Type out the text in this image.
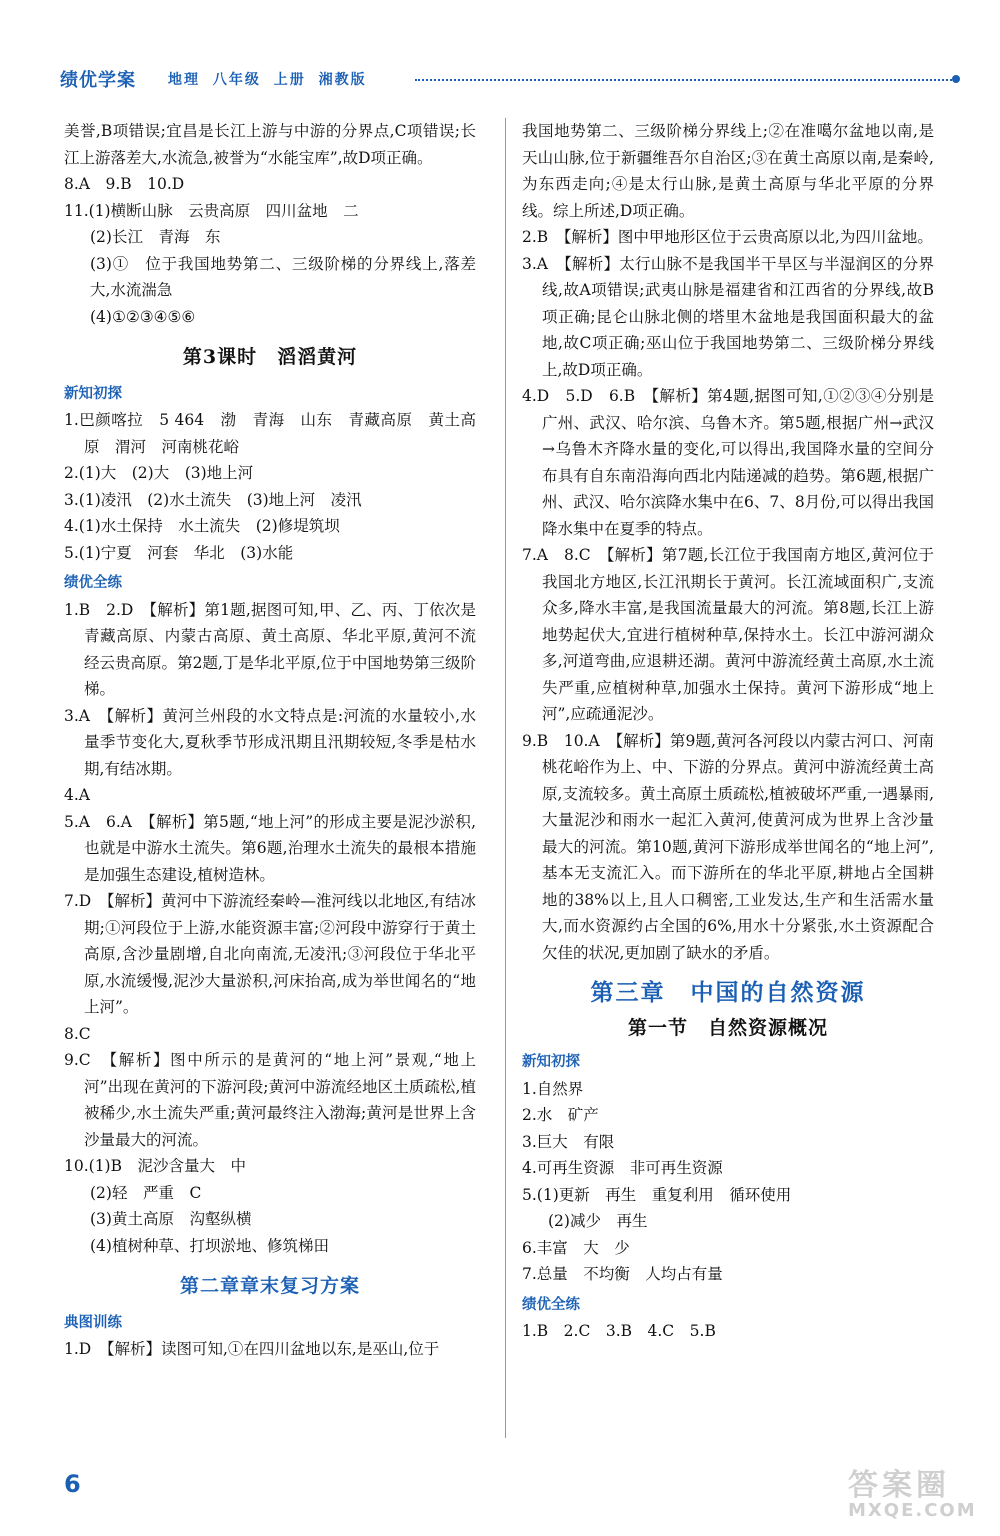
绩优学案 地理 八年级 上册 湘教版

美誉,B项错误;宜昌是长江上游与中游的分界点,C项错误;长江上游落差大,水流急,被誉为“水能宝库”,故D项正确。

8.A　9.B　10.D

11.(1)横断山脉　云贵高原　四川盆地　二

(2)长江　青海　东

(3)①　位于我国地势第二、三级阶梯的分界线上,落差大,水流湍急

(4)①②③④⑤⑥

第3课时　滔滔黄河
新知初探

1.巴颜喀拉　5 464　渤　青海　山东　青藏高原　黄土高原　渭河　河南桃花峪

2.(1)大　(2)大　(3)地上河

3.(1)凌汛　(2)水土流失　(3)地上河　凌汛

4.(1)水土保持　水土流失　(2)修堤筑坝

5.(1)宁夏　河套　华北　(3)水能

绩优全练

1.B　2.D　【解析】第1题,据图可知,甲、乙、丙、丁依次是青藏高原、内蒙古高原、黄土高原、华北平原,黄河不流经云贵高原。第2题,丁是华北平原,位于中国地势第三级阶梯。

3.A　【解析】黄河兰州段的水文特点是:河流的水量较小,水量季节变化大,夏秋季节形成汛期且汛期较短,冬季是枯水期,有结冰期。

4.A

5.A　6.A　【解析】第5题,“地上河”的形成主要是泥沙淤积,也就是中游水土流失。第6题,治理水土流失的最根本措施是加强生态建设,植树造林。

7.D　【解析】黄河中下游流经秦岭—淮河线以北地区,有结冰期;①河段位于上游,水能资源丰富;②河段中游穿行于黄土高原,含沙量剧增,自北向南流,无凌汛;③河段位于华北平原,水流缓慢,泥沙大量淤积,河床抬高,成为举世闻名的“地上河”。

8.C

9.C　【解析】图中所示的是黄河的“地上河”景观,“地上河”出现在黄河的下游河段;黄河中游流经地区土质疏松,植被稀少,水土流失严重;黄河最终注入渤海;黄河是世界上含沙量最大的河流。

10.(1)B　泥沙含量大　中

(2)轻　严重　C

(3)黄土高原　沟壑纵横

(4)植树种草、打坝淤地、修筑梯田

第二章章末复习方案
典图训练

1.D　【解析】读图可知,①在四川盆地以东,是巫山,位于

我国地势第二、三级阶梯分界线上;②在准噶尔盆地以南,是天山山脉,位于新疆维吾尔自治区;③在黄土高原以南,是秦岭,为东西走向;④是太行山脉,是黄土高原与华北平原的分界线。综上所述,D项正确。

2.B　【解析】图中甲地形区位于云贵高原以北,为四川盆地。

3.A　【解析】太行山脉不是我国半干旱区与半湿润区的分界线,故A项错误;武夷山脉是福建省和江西省的分界线,故B项正确;昆仑山脉北侧的塔里木盆地是我国面积最大的盆地,故C项正确;巫山位于我国地势第二、三级阶梯分界线上,故D项正确。

4.D　5.D　6.B　【解析】第4题,据图可知,①②③④分别是广州、武汉、哈尔滨、乌鲁木齐。第5题,根据广州→武汉→乌鲁木齐降水量的变化,可以得出,我国降水量的空间分布具有自东南沿海向西北内陆递减的趋势。第6题,根据广州、武汉、哈尔滨降水集中在6、7、8月份,可以得出我国降水集中在夏季的特点。

7.A　8.C　【解析】第7题,长江位于我国南方地区,黄河位于我国北方地区,长江汛期长于黄河。长江流域面积广,支流众多,降水丰富,是我国流量最大的河流。第8题,长江上游地势起伏大,宜进行植树种草,保持水土。长江中游河湖众多,河道弯曲,应退耕还湖。黄河中游流经黄土高原,水土流失严重,应植树种草,加强水土保持。黄河下游形成“地上河”,应疏通泥沙。

9.B　10.A　【解析】第9题,黄河各河段以内蒙古河口、河南桃花峪作为上、中、下游的分界点。黄河中游流经黄土高原,支流较多。黄土高原土质疏松,植被破坏严重,一遇暴雨,大量泥沙和雨水一起汇入黄河,使黄河成为世界上含沙量最大的河流。第10题,黄河下游形成举世闻名的“地上河”,基本无支流汇入。而下游所在的华北平原,耕地占全国耕地的38%以上,且人口稠密,工业发达,生产和生活需水量大,而水资源约占全国的6%,用水十分紧张,水土资源配合欠佳的状况,更加剧了缺水的矛盾。

第三章　中国的自然资源
第一节　自然资源概况
新知初探

1.自然界

2.水　矿产

3.巨大　有限

4.可再生资源　非可再生资源

5.(1)更新　再生　重复利用　循环使用

(2)减少　再生

6.丰富　大　少

7.总量　不均衡　人均占有量

绩优全练

1.B　2.C　3.B　4.C　5.B

6	答案圈
MXQE.COM
